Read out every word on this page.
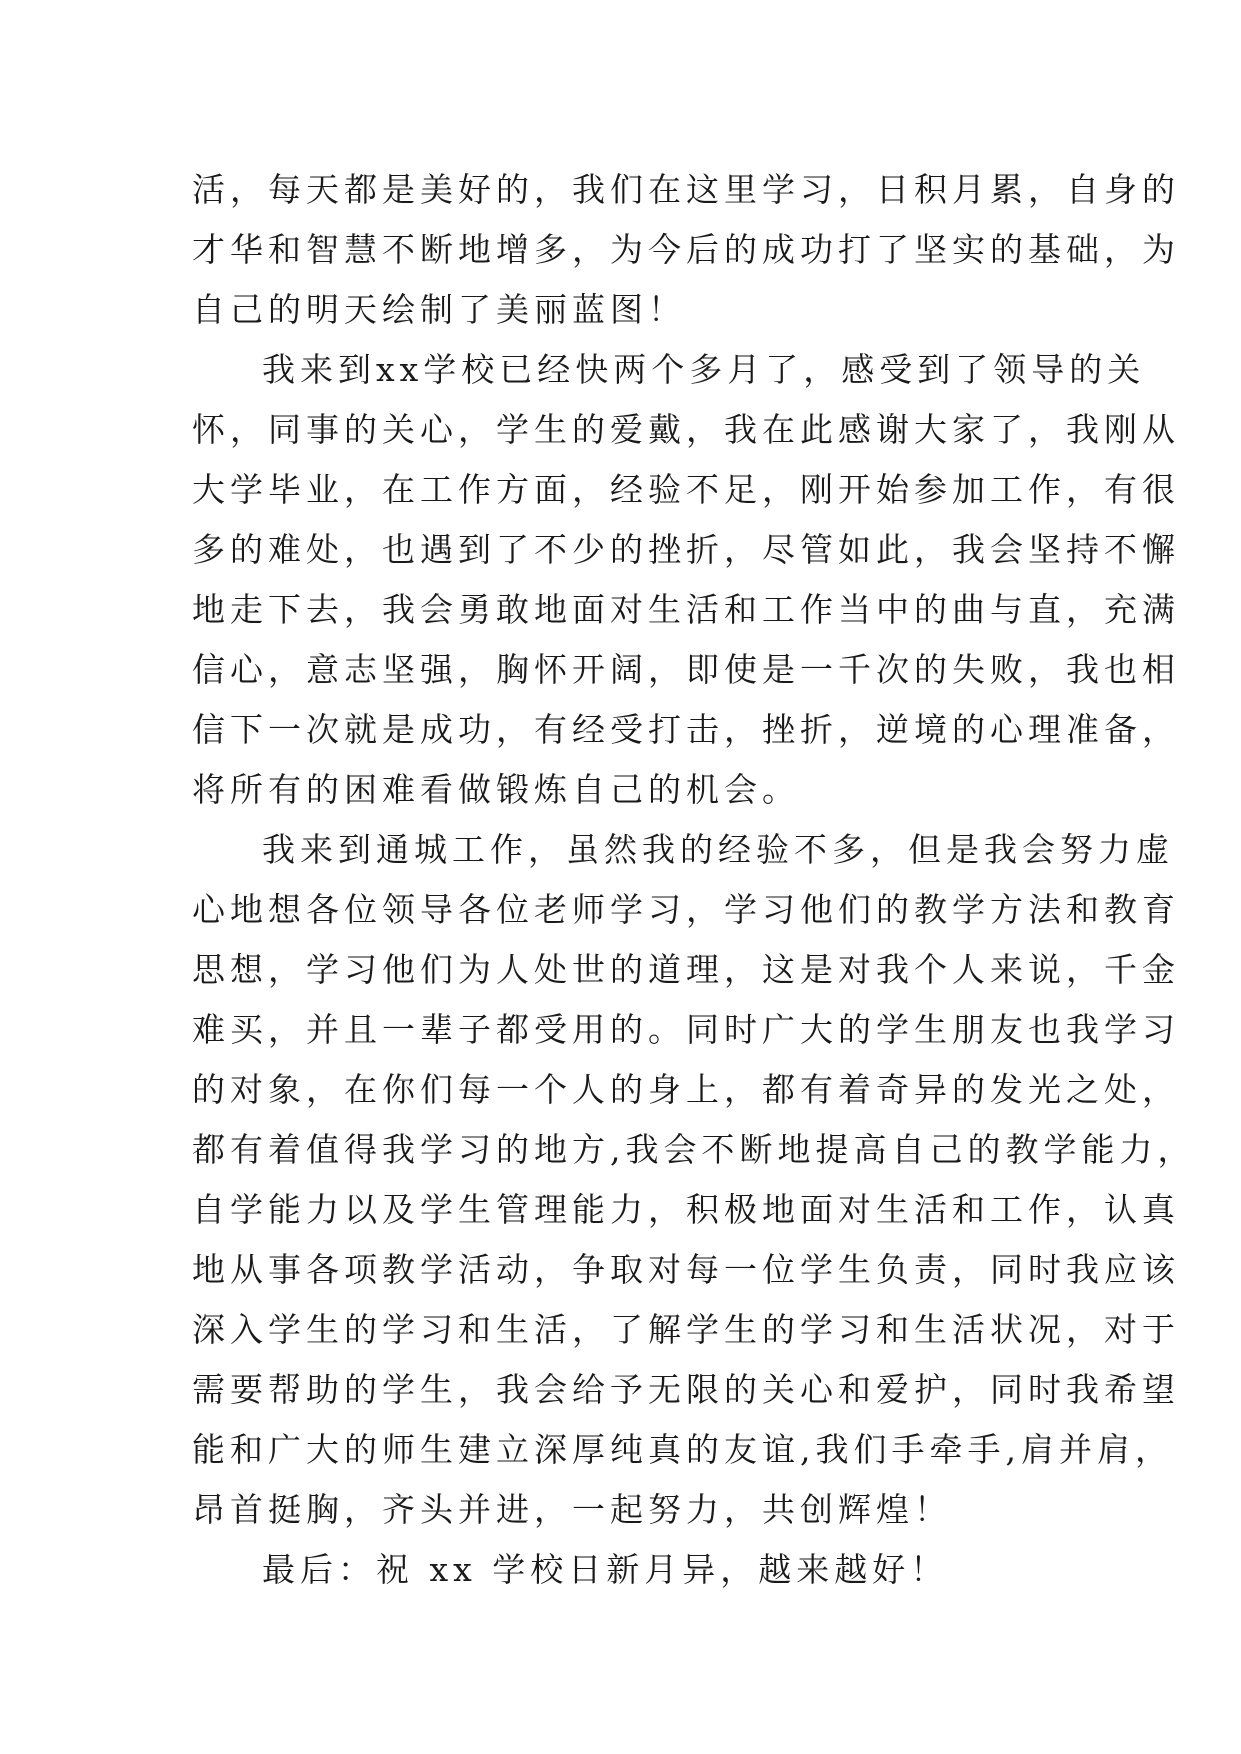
活 ， 每 天 都 是 美 好 的 ， 我 们 在 这 里 学 习 ， 日 积 月 累 ， 自 身 的
才 华 和 智 慧 不 断 地 增 多 ， 为 今 后 的 成 功 打 了 坚 实 的 基 础 ， 为
自己的明天绘制了美丽蓝图！
我 来 到 x x 学 校 已 经 快 两 个 多 月 了 ， 感 受 到 了 领 导 的 关
怀 ， 同 事 的 关 心 ， 学 生 的 爱 戴 ， 我 在 此 感 谢 大 家 了 ， 我 刚 从
大 学 毕 业 ， 在 工 作 方 面 ， 经 验 不 足 ， 刚 开 始 参 加 工 作 ， 有 很
多 的 难 处 ， 也 遇 到 了 不 少 的 挫 折 ， 尽 管 如 此 ， 我 会 坚 持 不 懈
地 走 下 去 ， 我 会 勇 敢 地 面 对 生 活 和 工 作 当 中 的 曲 与 直 ， 充 满
信 心 ， 意 志 坚 强 ， 胸 怀 开 阔 ， 即 使 是 一 千 次 的 失 败 ， 我 也 相
信 下 一 次 就 是 成 功 ， 有 经 受 打 击 ， 挫 折 ， 逆 境 的 心 理 准 备 ，
将所有的困难看做锻炼自己的机会。
我 来 到 通 城 工 作 ， 虽 然 我 的 经 验 不 多 ， 但 是 我 会 努 力 虚
心 地 想 各 位 领 导 各 位 老 师 学 习 ， 学 习 他 们 的 教 学 方 法 和 教 育
思 想 ， 学 习 他 们 为 人 处 世 的 道 理 ， 这 是 对 我 个 人 来 说 ， 千 金
难 买 ， 并 且 一 辈 子 都 受 用 的 。 同 时 广 大 的 学 生 朋 友 也 我 学 习
的 对 象 ， 在 你 们 每 一 个 人 的 身 上 ， 都 有 着 奇 异 的 发 光 之 处 ，
都 有 着 值 得 我 学 习 的 地 方 , 我 会 不 断 地 提 高 自 己 的 教 学 能 力 ，
自 学 能 力 以 及 学 生 管 理 能 力 ， 积 极 地 面 对 生 活 和 工 作 ， 认 真
地 从 事 各 项 教 学 活 动 ， 争 取 对 每 一 位 学 生 负 责 ， 同 时 我 应 该
深 入 学 生 的 学 习 和 生 活 ， 了 解 学 生 的 学 习 和 生 活 状 况 ， 对 于
需 要 帮 助 的 学 生 ， 我 会 给 予 无 限 的 关 心 和 爱 护 ， 同 时 我 希 望
能 和 广 大 的 师 生 建 立 深 厚 纯 真 的 友 谊 , 我 们 手 牵 手 , 肩 并 肩 ，
昂首挺胸，齐头并进，一起努力，共创辉煌！
最后：祝 xx 学校日新月异，越来越好！
